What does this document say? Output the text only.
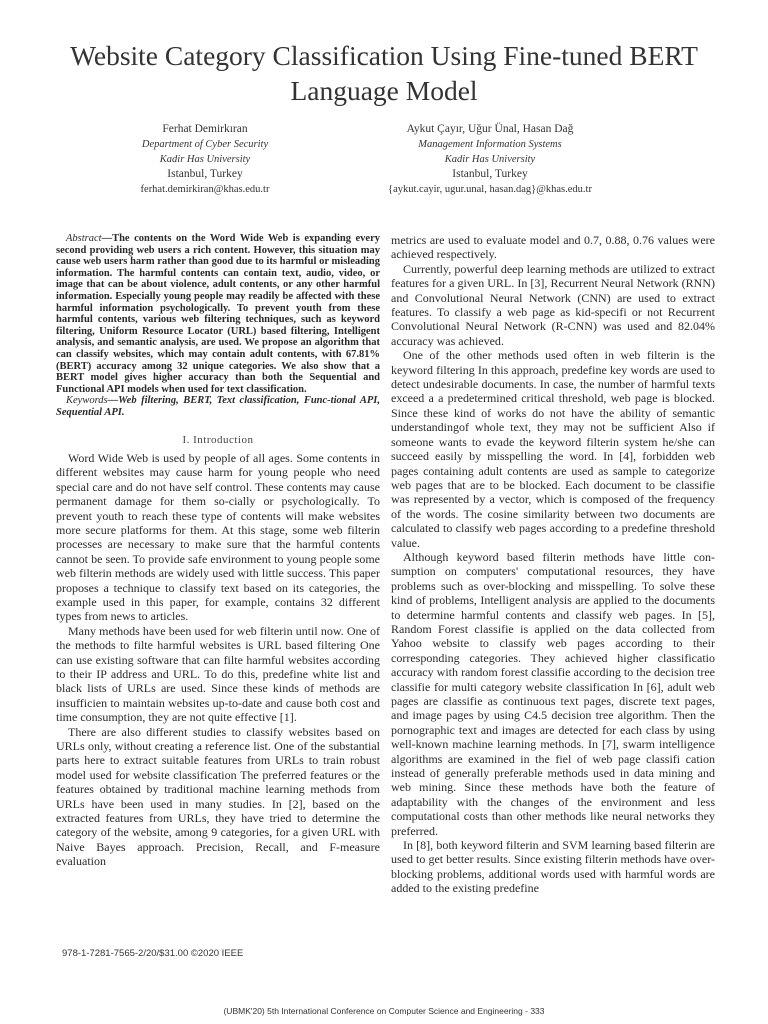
Website Category Classification Using Fine-tuned BERT Language Model
Ferhat Demirkıran
Department of Cyber Security
Kadir Has University
Istanbul, Turkey
ferhat.demirkiran@khas.edu.tr
Aykut Çayır, Uğur Ünal, Hasan Dağ
Management Information Systems
Kadir Has University
Istanbul, Turkey
{aykut.cayir, ugur.unal, hasan.dag}@khas.edu.tr

Abstract—The contents on the Word Wide Web is expanding every second providing web users a rich content. However, this situation may cause web users harm rather than good due to its harmful or misleading information. The harmful contents can contain text, audio, video, or image that can be about violence, adult contents, or any other harmful information. Especially young people may readily be affected with these harmful information psychologically. To prevent youth from these harmful contents, various web filtering techniques, such as keyword filtering, Uniform Resource Locator (URL) based filtering, Intelligent analysis, and semantic analysis, are used. We propose an algorithm that can classify websites, which may contain adult contents, with 67.81% (BERT) accuracy among 32 unique categories. We also show that a BERT model gives higher accuracy than both the Sequential and Functional API models when used for text classification.

Keywords—Web filtering, BERT, Text classification, Func-tional API, Sequential API.

I. Introduction

Word Wide Web is used by people of all ages. Some contents in different websites may cause harm for young people who need special care and do not have self control. These contents may cause permanent damage for them so-cially or psychologically. To prevent youth to reach these type of contents will make websites more secure platforms for them. At this stage, some web filterin processes are necessary to make sure that the harmful contents cannot be seen. To provide safe environment to young people some web filterin methods are widely used with little success. This paper proposes a technique to classify text based on its categories, the example used in this paper, for example, contains 32 different types from news to articles.

Many methods have been used for web filterin until now. One of the methods to filte harmful websites is URL based filtering One can use existing software that can filte harmful websites according to their IP address and URL. To do this, predefine white list and black lists of URLs are used. Since these kinds of methods are insufficien to maintain websites up-to-date and cause both cost and time consumption, they are not quite effective [1].

There are also different studies to classify websites based on URLs only, without creating a reference list. One of the substantial parts here to extract suitable features from URLs to train robust model used for website classification The preferred features or the features obtained by traditional machine learning methods from URLs have been used in many studies. In [2], based on the extracted features from URLs, they have tried to determine the category of the website, among 9 categories, for a given URL with Naive Bayes approach. Precision, Recall, and F-measure evaluation

metrics are used to evaluate model and 0.7, 0.88, 0.76 values were achieved respectively.

Currently, powerful deep learning methods are utilized to extract features for a given URL. In [3], Recurrent Neural Network (RNN) and Convolutional Neural Network (CNN) are used to extract features. To classify a web page as kid-specifi or not Recurrent Convolutional Neural Network (R-CNN) was used and 82.04% accuracy was achieved.

One of the other methods used often in web filterin is the keyword filtering In this approach, predefine key words are used to detect undesirable documents. In case, the number of harmful texts exceed a a predetermined critical threshold, web page is blocked. Since these kind of works do not have the ability of semantic understandingof whole text, they may not be sufficient Also if someone wants to evade the keyword filterin system he/she can succeed easily by misspelling the word. In [4], forbidden web pages containing adult contents are used as sample to categorize web pages that are to be blocked. Each document to be classifie was represented by a vector, which is composed of the frequency of the words. The cosine similarity between two documents are calculated to classify web pages according to a predefine threshold value.

Although keyword based filterin methods have little con-sumption on computers' computational resources, they have problems such as over-blocking and misspelling. To solve these kind of problems, Intelligent analysis are applied to the documents to determine harmful contents and classify web pages. In [5], Random Forest classifie is applied on the data collected from Yahoo website to classify web pages according to their corresponding categories. They achieved higher classificatio accuracy with random forest classifie according to the decision tree classifie for multi category website classification In [6], adult web pages are classifie as continuous text pages, discrete text pages, and image pages by using C4.5 decision tree algorithm. Then the pornographic text and images are detected for each class by using well-known machine learning methods. In [7], swarm intelligence algorithms are examined in the fiel of web page classifi cation instead of generally preferable methods used in data mining and web mining. Since these methods have both the feature of adaptability with the changes of the environment and less computational costs than other methods like neural networks they preferred.

In [8], both keyword filterin and SVM learning based filterin are used to get better results. Since existing filterin methods have over-blocking problems, additional words used with harmful words are added to the existing predefine

978-1-7281-7565-2/20/$31.00 ©2020 IEEE
(UBMK'20) 5th International Conference on Computer Science and Engineering - 333
